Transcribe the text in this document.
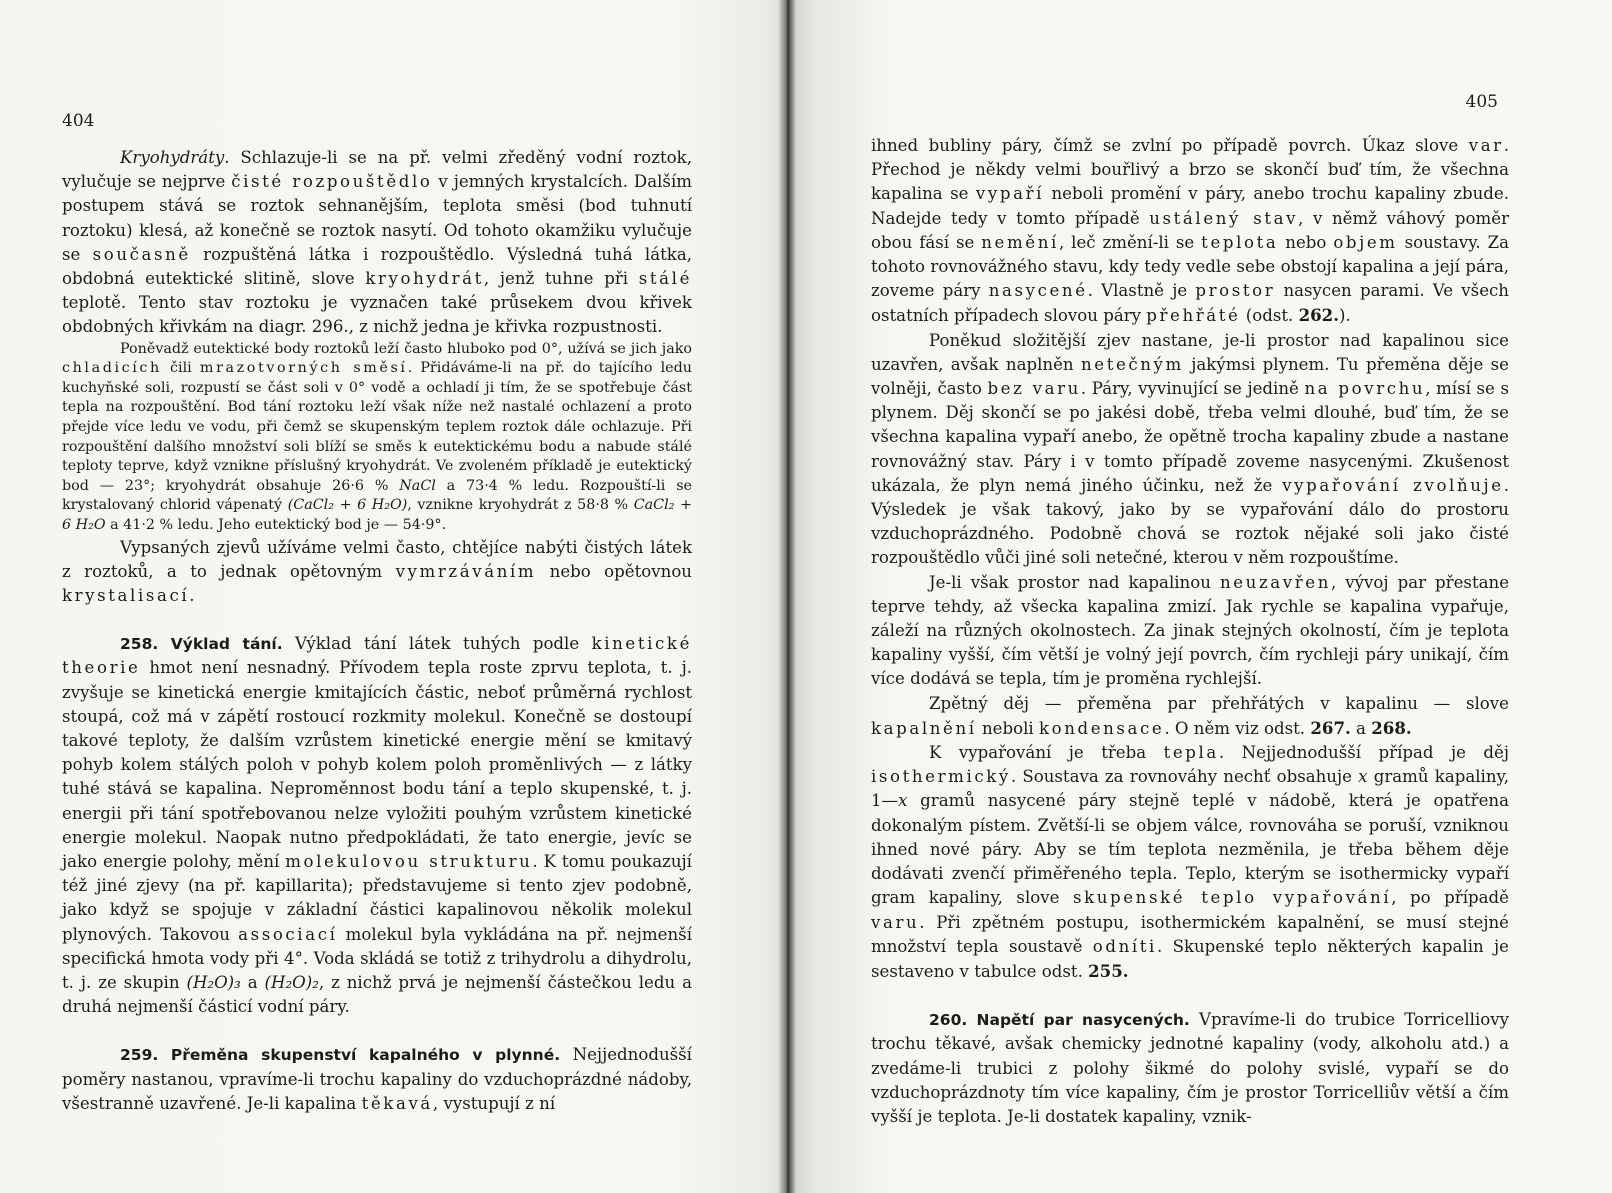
404

Kryohydráty. Schlazuje-li se na př. velmi zředěný vodní roztok, vylučuje se nejprve čisté rozpouštědlo v jemných krystalcích. Dalším postupem stává se roztok sehnanějším, teplota směsi (bod tuhnutí roztoku) klesá, až konečně se roztok nasytí. Od tohoto okamžiku vylučuje se současně rozpuštěná látka i rozpouštědlo. Výsledná tuhá látka, obdobná eutektické slitině, slove kryohydrát, jenž tuhne při stálé teplotě. Tento stav roztoku je vyznačen také průsekem dvou křivek obdobných křivkám na diagr. 296., z nichž jedna je křivka rozpustnosti.

Poněvadž eutektické body roztoků leží často hluboko pod 0°, užívá se jich jako chladicích čili mrazotvorných směsí. Přidáváme-li na př. do tajícího ledu kuchyňské soli, rozpustí se část soli v 0° vodě a ochladí ji tím, že se spotřebuje část tepla na rozpouštění. Bod tání roztoku leží však níže než nastalé ochlazení a proto přejde více ledu ve vodu, při čemž se skupenským teplem roztok dále ochlazuje. Při rozpouštění dalšího množství soli blíží se směs k eutektickému bodu a nabude stálé teploty teprve, když vznikne příslušný kryohydrát. Ve zvoleném příkladě je eutektický bod — 23°; kryohydrát obsahuje 26·6 % NaCl a 73·4 % ledu. Rozpouští-li se krystalovaný chlorid vápenatý (CaCl₂ + 6 H₂O), vznikne kryohydrát z 58·8 % CaCl₂ + 6 H₂O a 41·2 % ledu. Jeho eutektický bod je — 54·9°.

Vypsaných zjevů užíváme velmi často, chtějíce nabýti čistých látek z roztoků, a to jednak opětovným vymrzáváním nebo opětovnou krystalisací.

258. Výklad tání. Výklad tání látek tuhých podle kinetické theorie hmot není nesnadný. Přívodem tepla roste zprvu teplota, t. j. zvyšuje se kinetická energie kmitajících částic, neboť průměrná rychlost stoupá, což má v zápětí rostoucí rozkmity molekul. Konečně se dostoupí takové teploty, že dalším vzrůstem kinetické energie mění se kmitavý pohyb kolem stálých poloh v pohyb kolem poloh proměnlivých — z látky tuhé stává se kapalina. Neproměnnost bodu tání a teplo skupenské, t. j. energii při tání spotřebovanou nelze vyložiti pouhým vzrůstem kinetické energie molekul. Naopak nutno předpokládati, že tato energie, jevíc se jako energie polohy, mění molekulovou strukturu. K tomu poukazují též jiné zjevy (na př. kapillarita); představujeme si tento zjev podobně, jako když se spojuje v základní částici kapalinovou několik molekul plynových. Takovou associací molekul byla vykládána na př. nejmenší specifická hmota vody při 4°. Voda skládá se totiž z trihydrolu a dihydrolu, t. j. ze skupin (H₂O)₃ a (H₂O)₂, z nichž prvá je nejmenší částečkou ledu a druhá nejmenší částicí vodní páry.

259. Přeměna skupenství kapalného v plynné. Nejjednodušší poměry nastanou, vpravíme-li trochu kapaliny do vzduchoprázdné nádoby, všestranně uzavřené. Je-li kapalina těkavá, vystupují z ní

405

ihned bubliny páry, čímž se zvlní po případě povrch. Úkaz slove var. Přechod je někdy velmi bouřlivý a brzo se skončí buď tím, že všechna kapalina se vypaří neboli promění v páry, anebo trochu kapaliny zbude. Nadejde tedy v tomto případě ustálený stav, v němž váhový poměr obou fásí se nemění, leč změní-li se teplota nebo objem soustavy. Za tohoto rovnovážného stavu, kdy tedy vedle sebe obstojí kapalina a její pára, zoveme páry nasycené. Vlastně je prostor nasycen parami. Ve všech ostatních případech slovou páry přehřáté (odst. 262.).

Poněkud složitější zjev nastane, je-li prostor nad kapalinou sice uzavřen, avšak naplněn netečným jakýmsi plynem. Tu přeměna děje se volněji, často bez varu. Páry, vyvinující se jedině na povrchu, mísí se s plynem. Děj skončí se po jakési době, třeba velmi dlouhé, buď tím, že se všechna kapalina vypaří anebo, že opětně trocha kapaliny zbude a nastane rovnovážný stav. Páry i v tomto případě zoveme nasycenými. Zkušenost ukázala, že plyn nemá jiného účinku, než že vypařování zvolňuje. Výsledek je však takový, jako by se vypařování dálo do prostoru vzduchoprázdného. Podobně chová se roztok nějaké soli jako čisté rozpouštědlo vůči jiné soli netečné, kterou v něm rozpouštíme.

Je-li však prostor nad kapalinou neuzavřen, vývoj par přestane teprve tehdy, až všecka kapalina zmizí. Jak rychle se kapalina vypařuje, záleží na různých okolnostech. Za jinak stejných okolností, čím je teplota kapaliny vyšší, čím větší je volný její povrch, čím rychleji páry unikají, čím více dodává se tepla, tím je proměna rychlejší.

Zpětný děj — přeměna par přehřátých v kapalinu — slove kapalnění neboli kondensace. O něm viz odst. 267. a 268.

K vypařování je třeba tepla. Nejjednodušší případ je děj isothermický. Soustava za rovnováhy nechť obsahuje x gramů kapaliny, 1—x gramů nasycené páry stejně teplé v nádobě, která je opatřena dokonalým pístem. Zvětší-li se objem válce, rovnováha se poruší, vzniknou ihned nové páry. Aby se tím teplota nezměnila, je třeba během děje dodávati zvenčí přiměřeného tepla. Teplo, kterým se isothermicky vypaří gram kapaliny, slove skupenské teplo vypařování, po případě varu. Při zpětném postupu, isothermickém kapalnění, se musí stejné množství tepla soustavě odníti. Skupenské teplo některých kapalin je sestaveno v tabulce odst. 255.

260. Napětí par nasycených. Vpravíme-li do trubice Torricelliovy trochu těkavé, avšak chemicky jednotné kapaliny (vody, alkoholu atd.) a zvedáme-li trubici z polohy šikmé do polohy svislé, vypaří se do vzduchoprázdnoty tím více kapaliny, čím je prostor Torricelliův větší a čím vyšší je teplota. Je-li dostatek kapaliny, vznik-
